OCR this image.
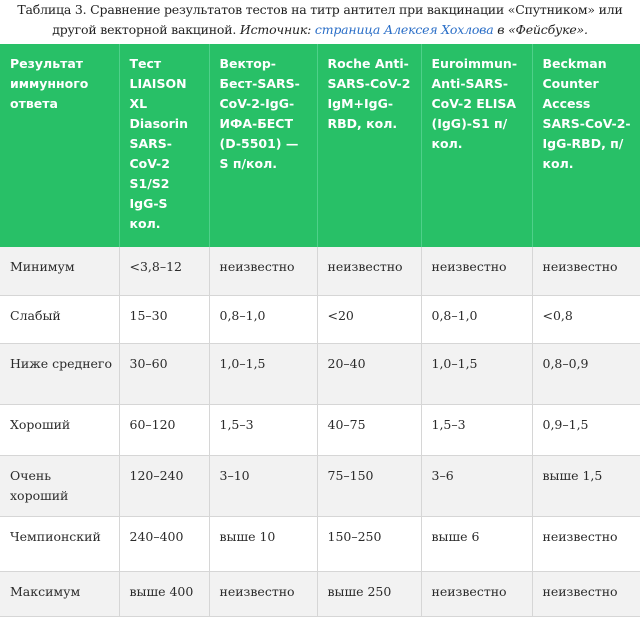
Таблица 3. Сравнение результатов тестов на титр антител при вакцинации «Спутником» или другой векторной вакциной. Источник: страница Алексея Хохлова в «Фейсбуке».
Результат иммунного ответа	Тест LIAISON XL Diasorin SARS-CoV-2 S1/S2 IgG-S кол.	Вектор-Бест-SARS-CoV-2-IgG-ИФА-БЕСТ (D-5501) — S п/кол.	Roche Anti-SARS-CoV-2 IgM+IgG-RBD, кол.	Euroimmun-Anti-SARS-CoV-2 ELISA (IgG)-S1 п/кол.	Beckman Counter Access SARS-CoV-2-IgG-RBD, п/кол.
Минимум	<3,8–12	неизвестно	неизвестно	неизвестно	неизвестно
Слабый	15–30	0,8–1,0	<20	0,8–1,0	<0,8
Ниже среднего	30–60	1,0–1,5	20–40	1,0–1,5	0,8–0,9
Хороший	60–120	1,5–3	40–75	1,5–3	0,9–1,5
Очень хороший	120–240	3–10	75–150	3–6	выше 1,5
Чемпионский	240–400	выше 10	150–250	выше 6	неизвестно
Максимум	выше 400	неизвестно	выше 250	неизвестно	неизвестно
